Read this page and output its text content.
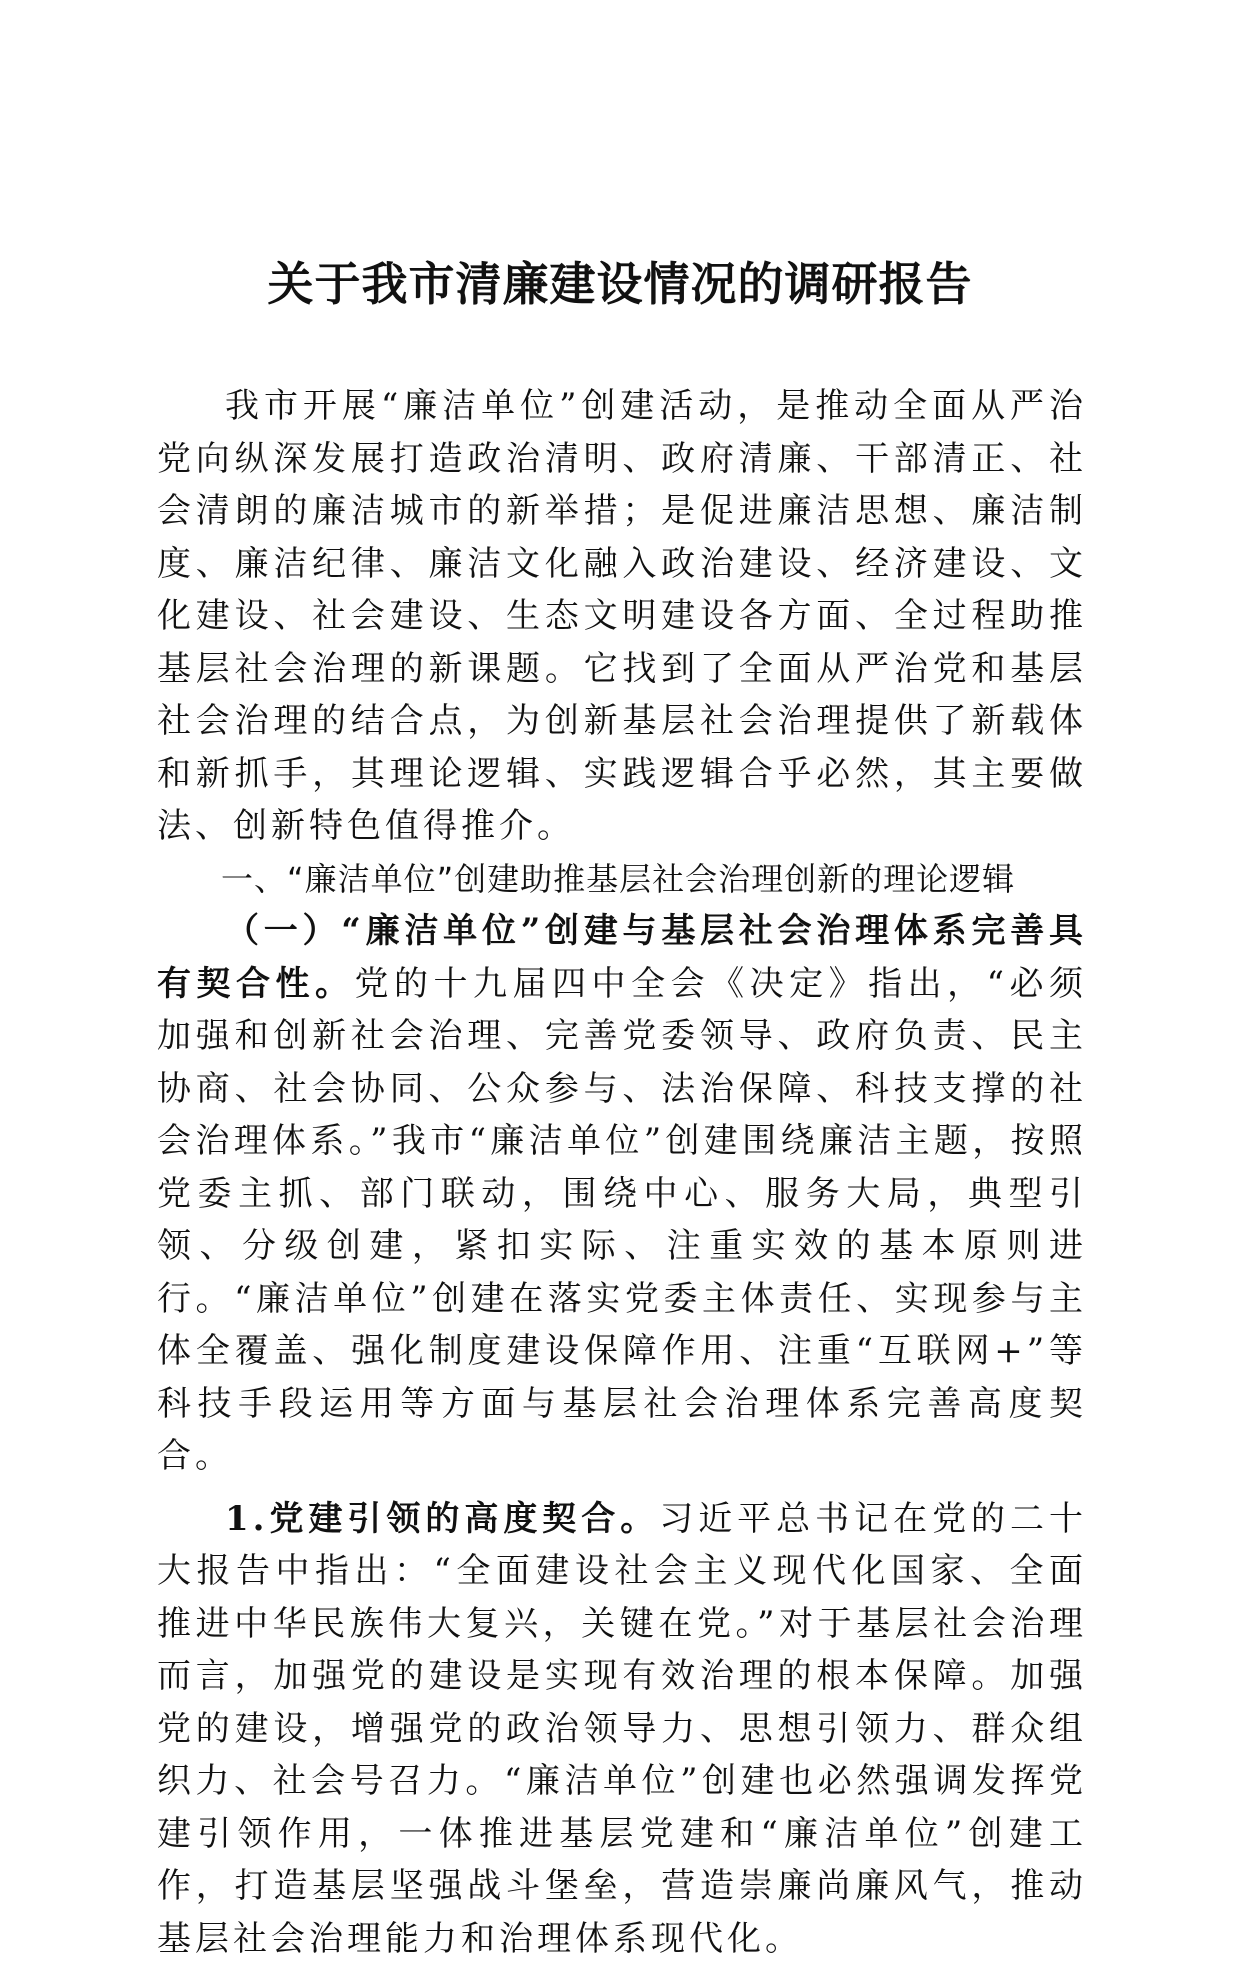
关于我市清廉建设情况的调研报告

我市开展“廉洁单位”创建活动，是推动全面从严治党向纵深发展打造政治清明、政府清廉、干部清正、社会清朗的廉洁城市的新举措；是促进廉洁思想、廉洁制度、廉洁纪律、廉洁文化融入政治建设、经济建设、文化建设、社会建设、生态文明建设各方面、全过程助推基层社会治理的新课题。它找到了全面从严治党和基层社会治理的结合点，为创新基层社会治理提供了新载体和新抓手，其理论逻辑、实践逻辑合乎必然，其主要做法、创新特色值得推介。

一、“廉洁单位”创建助推基层社会治理创新的理论逻辑

（一）“廉洁单位”创建与基层社会治理体系完善具有契合性。党的十九届四中全会《决定》指出，“必须加强和创新社会治理、完善党委领导、政府负责、民主协商、社会协同、公众参与、法治保障、科技支撑的社会治理体系。”我市“廉洁单位”创建围绕廉洁主题，按照党委主抓、部门联动，围绕中心、服务大局，典型引领、分级创建，紧扣实际、注重实效的基本原则进行。“廉洁单位”创建在落实党委主体责任、实现参与主体全覆盖、强化制度建设保障作用、注重“互联网+”等科技手段运用等方面与基层社会治理体系完善高度契合。

1.党建引领的高度契合。习近平总书记在党的二十大报告中指出：“全面建设社会主义现代化国家、全面推进中华民族伟大复兴，关键在党。”对于基层社会治理而言，加强党的建设是实现有效治理的根本保障。加强党的建设，增强党的政治领导力、思想引领力、群众组织力、社会号召力。“廉洁单位”创建也必然强调发挥党建引领作用，一体推进基层党建和“廉洁单位”创建工作，打造基层坚强战斗堡垒，营造崇廉尚廉风气，推动基层社会治理能力和治理体系现代化。
